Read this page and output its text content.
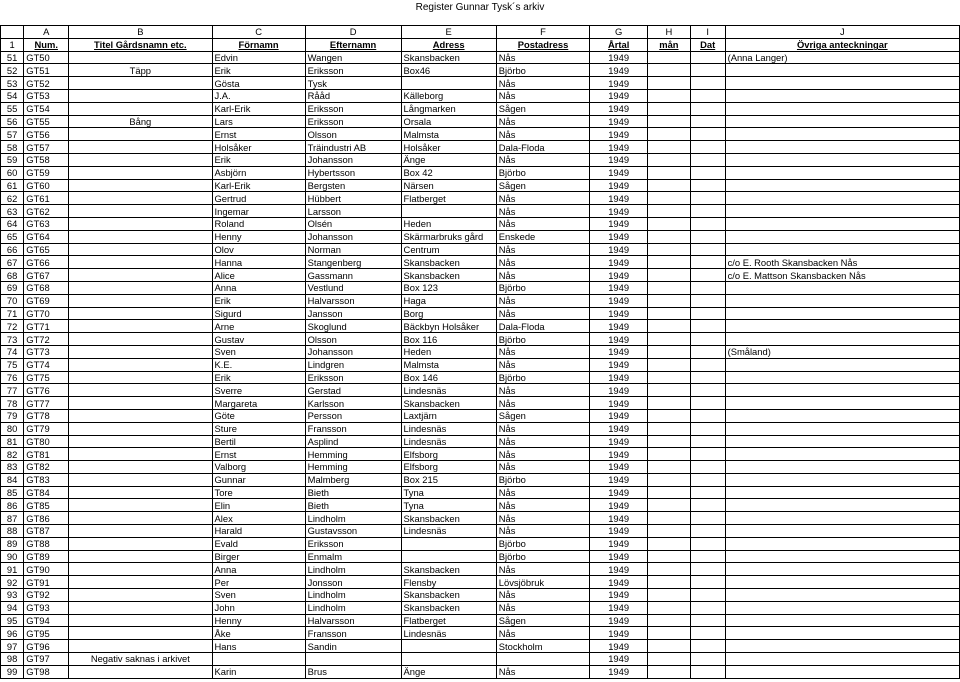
Register Gunnar Tysk´s arkiv
	A	B	C	D	E	F	G	H	I	J
1	Num.	Titel Gårdsnamn etc.	Förnamn	Efternamn	Adress	Postadress	Årtal	mån	Dat	Övriga anteckningar
51	GT50		Edvin	Wangen	Skansbacken	Nås	1949			(Anna Langer)
52	GT51	Täpp	Erik	Eriksson	Box46	Björbo	1949			
53	GT52		Gösta	Tysk		Nås	1949			
54	GT53		J.A.	Rååd	Källeborg	Nås	1949			
55	GT54		Karl-Erik	Eriksson	Långmarken	Sågen	1949			
56	GT55	Bång	Lars	Eriksson	Orsala	Nås	1949			
57	GT56		Ernst	Olsson	Malmsta	Nås	1949			
58	GT57		Holsåker	Träindustri AB	Holsåker	Dala-Floda	1949			
59	GT58		Erik	Johansson	Änge	Nås	1949			
60	GT59		Asbjörn	Hybertsson	Box 42	Björbo	1949			
61	GT60		Karl-Erik	Bergsten	Närsen	Sågen	1949			
62	GT61		Gertrud	Hübbert	Flatberget	Nås	1949			
63	GT62		Ingemar	Larsson		Nås	1949			
64	GT63		Roland	Olsén	Heden	Nås	1949			
65	GT64		Henny	Johansson	Skärmarbruks gård	Enskede	1949			
66	GT65		Olov	Norman	Centrum	Nås	1949			
67	GT66		Hanna	Stangenberg	Skansbacken	Nås	1949			c/o E. Rooth Skansbacken Nås
68	GT67		Alice	Gassmann	Skansbacken	Nås	1949			c/o E. Mattson Skansbacken Nås
69	GT68		Anna	Vestlund	Box 123	Björbo	1949			
70	GT69		Erik	Halvarsson	Haga	Nås	1949			
71	GT70		Sigurd	Jansson	Borg	Nås	1949			
72	GT71		Arne	Skoglund	Bäckbyn Holsåker	Dala-Floda	1949			
73	GT72		Gustav	Olsson	Box 116	Björbo	1949			
74	GT73		Sven	Johansson	Heden	Nås	1949			(Småland)
75	GT74		K.E.	Lindgren	Malmsta	Nås	1949			
76	GT75		Erik	Eriksson	Box 146	Björbo	1949			
77	GT76		Sverre	Gerstad	Lindesnäs	Nås	1949			
78	GT77		Margareta	Karlsson	Skansbacken	Nås	1949			
79	GT78		Göte	Persson	Laxtjärn	Sågen	1949			
80	GT79		Sture	Fransson	Lindesnäs	Nås	1949			
81	GT80		Bertil	Asplind	Lindesnäs	Nås	1949			
82	GT81		Ernst	Hemming	Elfsborg	Nås	1949			
83	GT82		Valborg	Hemming	Elfsborg	Nås	1949			
84	GT83		Gunnar	Malmberg	Box 215	Björbo	1949			
85	GT84		Tore	Bieth	Tyna	Nås	1949			
86	GT85		Elin	Bieth	Tyna	Nås	1949			
87	GT86		Alex	Lindholm	Skansbacken	Nås	1949			
88	GT87		Harald	Gustavsson	Lindesnäs	Nås	1949			
89	GT88		Evald	Eriksson		Björbo	1949			
90	GT89		Birger	Enmalm		Björbo	1949			
91	GT90		Anna	Lindholm	Skansbacken	Nås	1949			
92	GT91		Per	Jonsson	Flensby	Lövsjöbruk	1949			
93	GT92		Sven	Lindholm	Skansbacken	Nås	1949			
94	GT93		John	Lindholm	Skansbacken	Nås	1949			
95	GT94		Henny	Halvarsson	Flatberget	Sågen	1949			
96	GT95		Åke	Fransson	Lindesnäs	Nås	1949			
97	GT96		Hans	Sandin		Stockholm	1949			
98	GT97	Negativ saknas i arkivet					1949			
99	GT98		Karin	Brus	Änge	Nås	1949			
